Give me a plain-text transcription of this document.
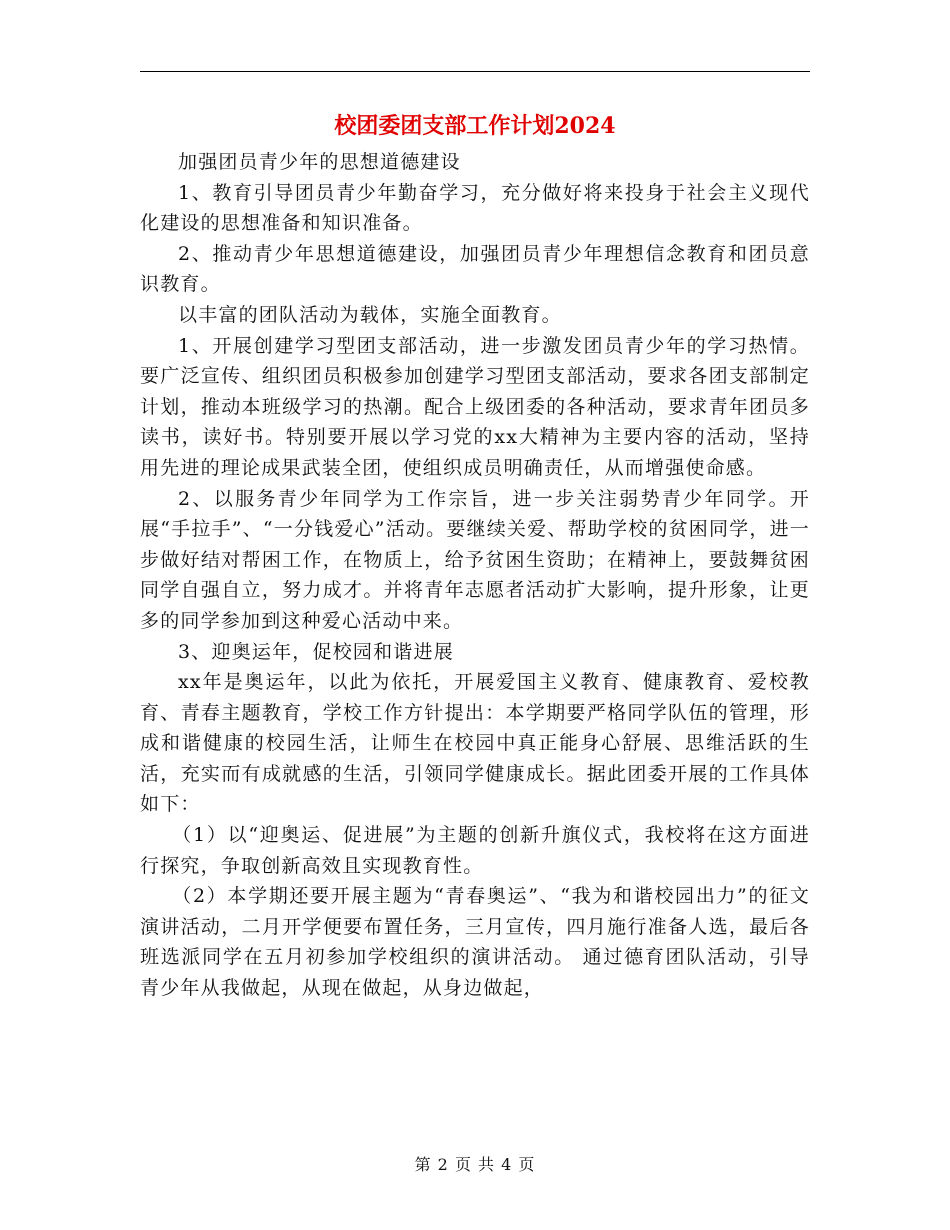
校团委团支部工作计划2024

加强团员青少年的思想道德建设

1、教育引导团员青少年勤奋学习，充分做好将来投身于社会主义现代化建设的思想准备和知识准备。

2、推动青少年思想道德建设，加强团员青少年理想信念教育和团员意识教育。

以丰富的团队活动为载体，实施全面教育。

1、开展创建学习型团支部活动，进一步激发团员青少年的学习热情。要广泛宣传、组织团员积极参加创建学习型团支部活动，要求各团支部制定计划，推动本班级学习的热潮。配合上级团委的各种活动，要求青年团员多读书，读好书。特别要开展以学习党的xx大精神为主要内容的活动，坚持用先进的理论成果武装全团，使组织成员明确责任，从而增强使命感。

2、以服务青少年同学为工作宗旨，进一步关注弱势青少年同学。开展“手拉手”、“一分钱爱心”活动。要继续关爱、帮助学校的贫困同学，进一步做好结对帮困工作，在物质上，给予贫困生资助；在精神上，要鼓舞贫困同学自强自立，努力成才。并将青年志愿者活动扩大影响，提升形象，让更多的同学参加到这种爱心活动中来。

3、迎奥运年，促校园和谐进展

xx年是奥运年，以此为依托，开展爱国主义教育、健康教育、爱校教育、青春主题教育，学校工作方针提出：本学期要严格同学队伍的管理，形成和谐健康的校园生活，让师生在校园中真正能身心舒展、思维活跃的生活，充实而有成就感的生活，引领同学健康成长。据此团委开展的工作具体如下：

（1）以“迎奥运、促进展”为主题的创新升旗仪式，我校将在这方面进行探究，争取创新高效且实现教育性。

（2）本学期还要开展主题为“青春奥运”、“我为和谐校园出力”的征文演讲活动，二月开学便要布置任务，三月宣传，四月施行准备人选，最后各班选派同学在五月初参加学校组织的演讲活动。 通过德育团队活动，引导青少年从我做起，从现在做起，从身边做起，

第 2 页 共 4 页
